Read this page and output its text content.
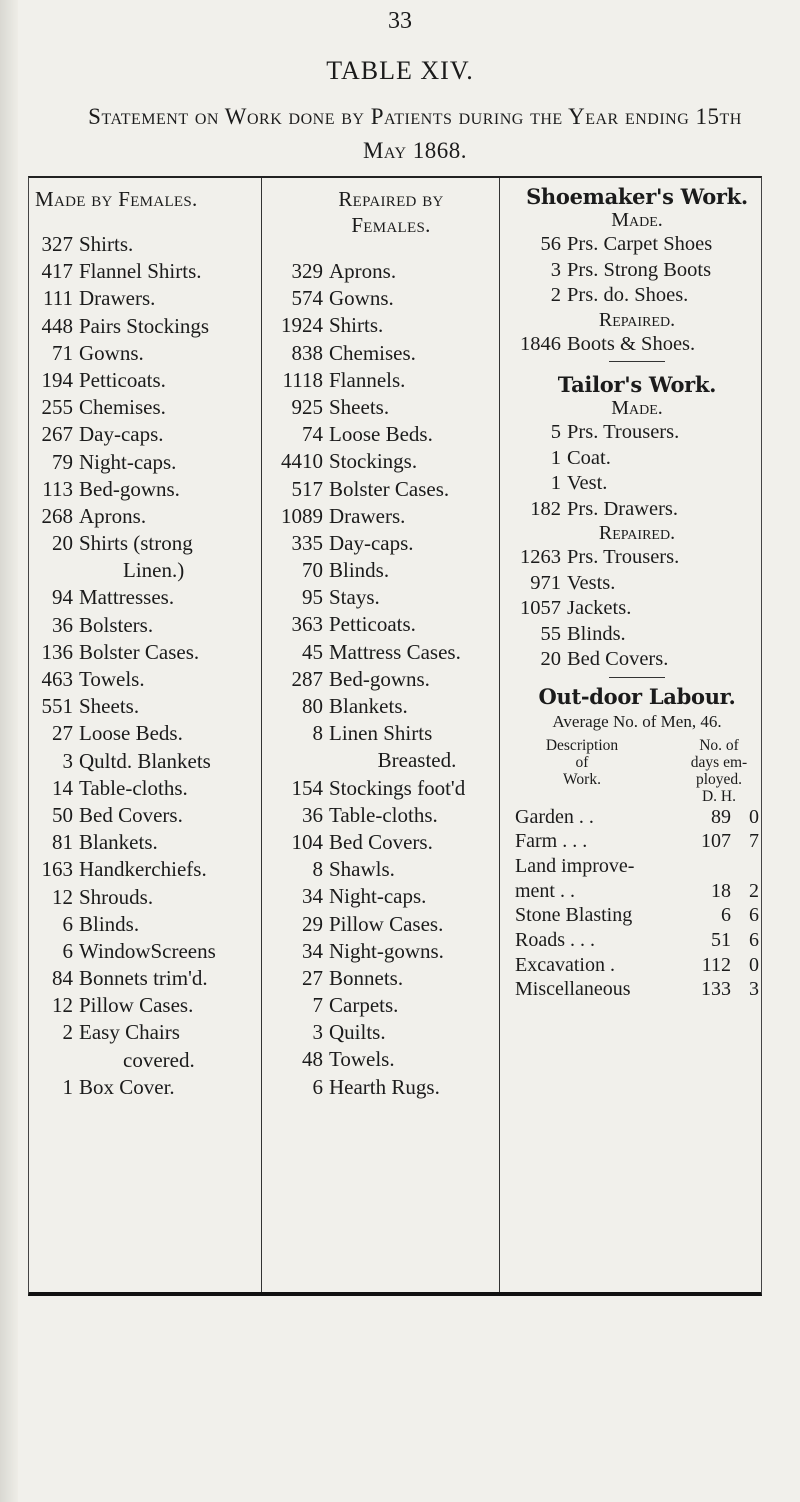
33
TABLE XIV.
Statement on Work done by Patients during the Year ending 15th May 1868.
Made by Females.
327 Shirts.
417 Flannel Shirts.
111 Drawers.
448 Pairs Stockings
71 Gowns.
194 Petticoats.
255 Chemises.
267 Day-caps.
79 Night-caps.
113 Bed-gowns.
268 Aprons.
20 Shirts (strong
Linen.)
94 Mattresses.
36 Bolsters.
136 Bolster Cases.
463 Towels.
551 Sheets.
27 Loose Beds.
3 Qultd. Blankets
14 Table-cloths.
50 Bed Covers.
81 Blankets.
163 Handkerchiefs.
12 Shrouds.
6 Blinds.
6 WindowScreens
84 Bonnets trim'd.
12 Pillow Cases.
2 Easy Chairs
covered.
1 Box Cover.
Repaired by
Females.
329 Aprons.
574 Gowns.
1924 Shirts.
838 Chemises.
1118 Flannels.
925 Sheets.
74 Loose Beds.
4410 Stockings.
517 Bolster Cases.
1089 Drawers.
335 Day-caps.
70 Blinds.
95 Stays.
363 Petticoats.
45 Mattress Cases.
287 Bed-gowns.
80 Blankets.
8 Linen Shirts
Breasted.
154 Stockings foot'd
36 Table-cloths.
104 Bed Covers.
8 Shawls.
34 Night-caps.
29 Pillow Cases.
34 Night-gowns.
27 Bonnets.
7 Carpets.
3 Quilts.
48 Towels.
6 Hearth Rugs.
Shoemaker's Work.
Made.
56 Prs. Carpet Shoes
3 Prs. Strong Boots
2 Prs. do. Shoes.
Repaired.
1846 Boots & Shoes.
Tailor's Work.
Made.
5 Prs. Trousers.
1 Coat.
1 Vest.
182 Prs. Drawers.
Repaired.
1263 Prs. Trousers.
971 Vests.
1057 Jackets.
55 Blinds.
20 Bed Covers.
Out-door Labour.
Average No. of Men, 46.
Description
of
Work.
No. of
days em-
ployed.
D. H.
Garden . .	89 0
Farm . . .	107 7
Land improve-
ment . .	18 2
Stone Blasting	6 6
Roads . . .	51 6
Excavation .	112 0
Miscellaneous	133 3
